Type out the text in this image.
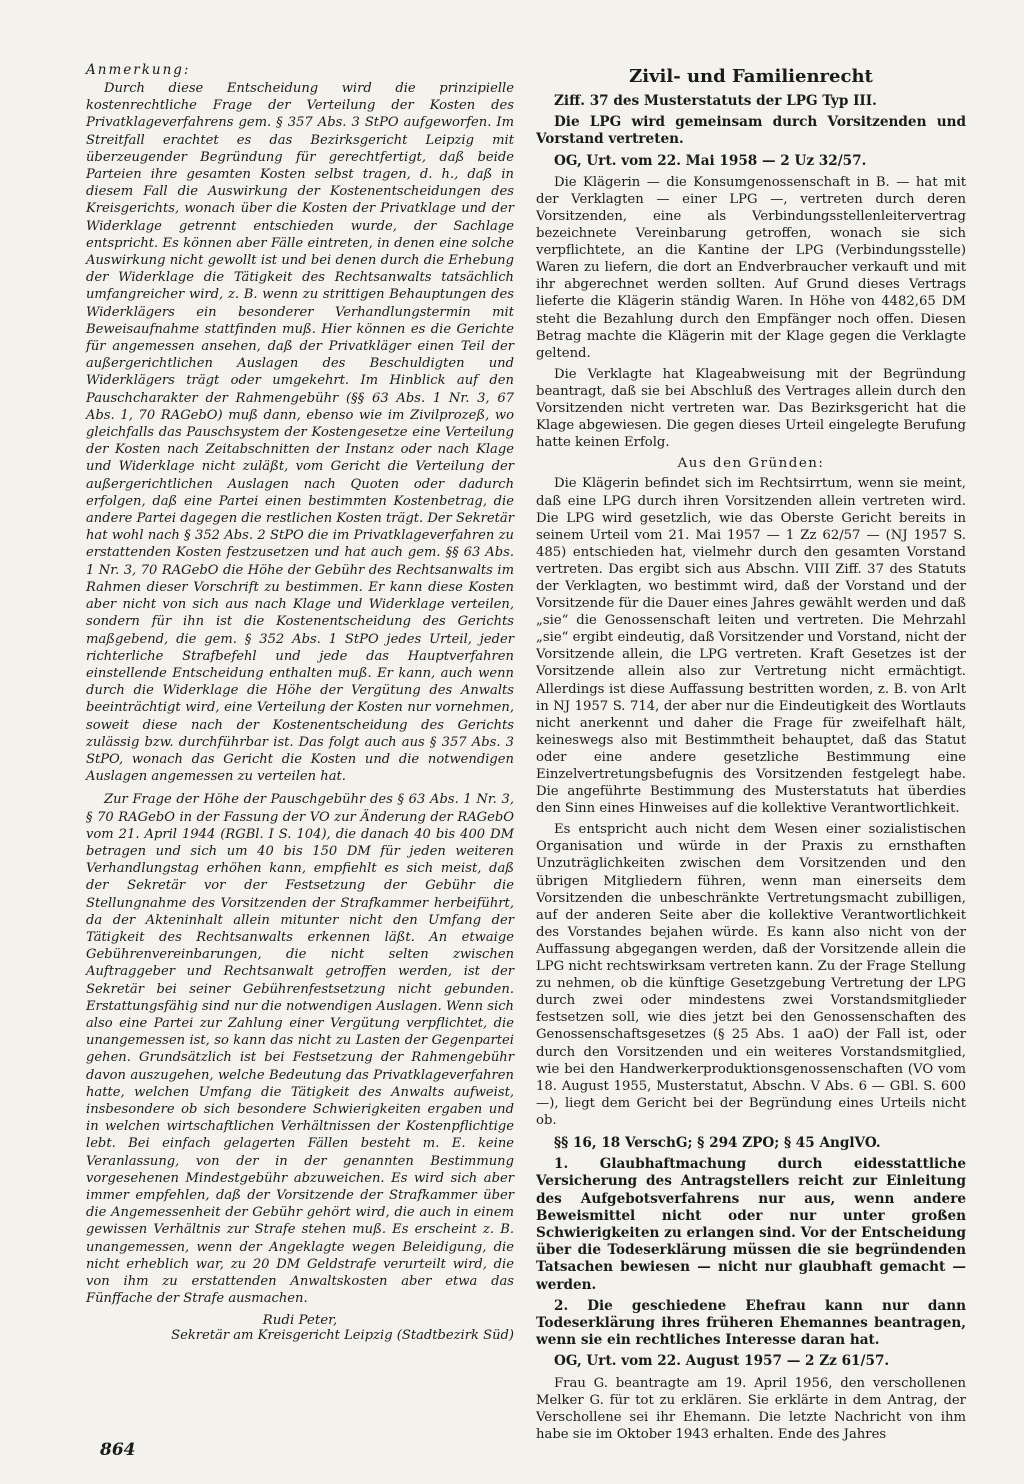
Anmerkung:

Durch diese Entscheidung wird die prinzipielle kostenrechtliche Frage der Verteilung der Kosten des Privatklageverfahrens gem. § 357 Abs. 3 StPO aufgeworfen. Im Streitfall erachtet es das Bezirksgericht Leipzig mit überzeugender Begründung für gerechtfertigt, daß beide Parteien ihre gesamten Kosten selbst tragen, d. h., daß in diesem Fall die Auswirkung der Kostenentscheidungen des Kreisgerichts, wonach über die Kosten der Privatklage und der Widerklage getrennt entschieden wurde, der Sachlage entspricht. Es können aber Fälle eintreten, in denen eine solche Auswirkung nicht gewollt ist und bei denen durch die Erhebung der Widerklage die Tätigkeit des Rechtsanwalts tatsächlich umfangreicher wird, z. B. wenn zu strittigen Behauptungen des Widerklägers ein besonderer Verhandlungstermin mit Beweisaufnahme stattfinden muß. Hier können es die Gerichte für angemessen ansehen, daß der Privatkläger einen Teil der außergerichtlichen Auslagen des Beschuldigten und Widerklägers trägt oder umgekehrt. Im Hinblick auf den Pauschcharakter der Rahmengebühr (§§ 63 Abs. 1 Nr. 3, 67 Abs. 1, 70 RAGebO) muß dann, ebenso wie im Zivilprozeß, wo gleichfalls das Pauschsystem der Kostengesetze eine Verteilung der Kosten nach Zeitabschnitten der Instanz oder nach Klage und Widerklage nicht zuläßt, vom Gericht die Verteilung der außergerichtlichen Auslagen nach Quoten oder dadurch erfolgen, daß eine Partei einen bestimmten Kostenbetrag, die andere Partei dagegen die restlichen Kosten trägt. Der Sekretär hat wohl nach § 352 Abs. 2 StPO die im Privatklageverfahren zu erstattenden Kosten festzusetzen und hat auch gem. §§ 63 Abs. 1 Nr. 3, 70 RAGebO die Höhe der Gebühr des Rechtsanwalts im Rahmen dieser Vorschrift zu bestimmen. Er kann diese Kosten aber nicht von sich aus nach Klage und Widerklage verteilen, sondern für ihn ist die Kostenentscheidung des Gerichts maßgebend, die gem. § 352 Abs. 1 StPO jedes Urteil, jeder richterliche Strafbefehl und jede das Hauptverfahren einstellende Entscheidung enthalten muß. Er kann, auch wenn durch die Widerklage die Höhe der Vergütung des Anwalts beeinträchtigt wird, eine Verteilung der Kosten nur vornehmen, soweit diese nach der Kostenentscheidung des Gerichts zulässig bzw. durchführbar ist. Das folgt auch aus § 357 Abs. 3 StPO, wonach das Gericht die Kosten und die notwendigen Auslagen angemessen zu verteilen hat.

Zur Frage der Höhe der Pauschgebühr des § 63 Abs. 1 Nr. 3, § 70 RAGebO in der Fassung der VO zur Änderung der RAGebO vom 21. April 1944 (RGBl. I S. 104), die danach 40 bis 400 DM betragen und sich um 40 bis 150 DM für jeden weiteren Verhandlungstag erhöhen kann, empfiehlt es sich meist, daß der Sekretär vor der Festsetzung der Gebühr die Stellungnahme des Vorsitzenden der Strafkammer herbeiführt, da der Akteninhalt allein mitunter nicht den Umfang der Tätigkeit des Rechtsanwalts erkennen läßt. An etwaige Gebührenvereinbarungen, die nicht selten zwischen Auftraggeber und Rechtsanwalt getroffen werden, ist der Sekretär bei seiner Gebührenfestsetzung nicht gebunden. Erstattungsfähig sind nur die notwendigen Auslagen. Wenn sich also eine Partei zur Zahlung einer Vergütung verpflichtet, die unangemessen ist, so kann das nicht zu Lasten der Gegenpartei gehen. Grundsätzlich ist bei Festsetzung der Rahmengebühr davon auszugehen, welche Bedeutung das Privatklageverfahren hatte, welchen Umfang die Tätigkeit des Anwalts aufweist, insbesondere ob sich besondere Schwierigkeiten ergaben und in welchen wirtschaftlichen Verhältnissen der Kostenpflichtige lebt. Bei einfach gelagerten Fällen besteht m. E. keine Veranlassung, von der in der genannten Bestimmung vorgesehenen Mindestgebühr abzuweichen. Es wird sich aber immer empfehlen, daß der Vorsitzende der Strafkammer über die Angemessenheit der Gebühr gehört wird, die auch in einem gewissen Verhältnis zur Strafe stehen muß. Es erscheint z. B. unangemessen, wenn der Angeklagte wegen Beleidigung, die nicht erheblich war, zu 20 DM Geldstrafe verurteilt wird, die von ihm zu erstattenden Anwaltskosten aber etwa das Fünffache der Strafe ausmachen.

Rudi Peter,
Sekretär am Kreisgericht Leipzig (Stadtbezirk Süd)
Zivil- und Familienrecht

Ziff. 37 des Musterstatuts der LPG Typ III.

Die LPG wird gemeinsam durch Vorsitzenden und Vorstand vertreten.

OG, Urt. vom 22. Mai 1958 — 2 Uz 32/57.

Die Klägerin — die Konsumgenossenschaft in B. — hat mit der Verklagten — einer LPG —, vertreten durch deren Vorsitzenden, eine als Verbindungsstellenleitervertrag bezeichnete Vereinbarung getroffen, wonach sie sich verpflichtete, an die Kantine der LPG (Verbindungsstelle) Waren zu liefern, die dort an Endverbraucher verkauft und mit ihr abgerechnet werden sollten. Auf Grund dieses Vertrags lieferte die Klägerin ständig Waren. In Höhe von 4482,65 DM steht die Bezahlung durch den Empfänger noch offen. Diesen Betrag machte die Klägerin mit der Klage gegen die Verklagte geltend.

Die Verklagte hat Klageabweisung mit der Begründung beantragt, daß sie bei Abschluß des Vertrages allein durch den Vorsitzenden nicht vertreten war. Das Bezirksgericht hat die Klage abgewiesen. Die gegen dieses Urteil eingelegte Berufung hatte keinen Erfolg.

Aus den Gründen:

Die Klägerin befindet sich im Rechtsirrtum, wenn sie meint, daß eine LPG durch ihren Vorsitzenden allein vertreten wird. Die LPG wird gesetzlich, wie das Oberste Gericht bereits in seinem Urteil vom 21. Mai 1957 — 1 Zz 62/57 — (NJ 1957 S. 485) entschieden hat, vielmehr durch den gesamten Vorstand vertreten. Das ergibt sich aus Abschn. VIII Ziff. 37 des Statuts der Verklagten, wo bestimmt wird, daß der Vorstand und der Vorsitzende für die Dauer eines Jahres gewählt werden und daß „sie“ die Genossenschaft leiten und vertreten. Die Mehrzahl „sie“ ergibt eindeutig, daß Vorsitzender und Vorstand, nicht der Vorsitzende allein, die LPG vertreten. Kraft Gesetzes ist der Vorsitzende allein also zur Vertretung nicht ermächtigt. Allerdings ist diese Auffassung bestritten worden, z. B. von Arlt in NJ 1957 S. 714, der aber nur die Eindeutigkeit des Wortlauts nicht anerkennt und daher die Frage für zweifelhaft hält, keineswegs also mit Bestimmtheit behauptet, daß das Statut oder eine andere gesetzliche Bestimmung eine Einzelvertretungsbefugnis des Vorsitzenden festgelegt habe. Die angeführte Bestimmung des Musterstatuts hat überdies den Sinn eines Hinweises auf die kollektive Verantwortlichkeit.

Es entspricht auch nicht dem Wesen einer sozialistischen Organisation und würde in der Praxis zu ernsthaften Unzuträglichkeiten zwischen dem Vorsitzenden und den übrigen Mitgliedern führen, wenn man einerseits dem Vorsitzenden die unbeschränkte Vertretungsmacht zubilligen, auf der anderen Seite aber die kollektive Verantwortlichkeit des Vorstandes bejahen würde. Es kann also nicht von der Auffassung abgegangen werden, daß der Vorsitzende allein die LPG nicht rechtswirksam vertreten kann. Zu der Frage Stellung zu nehmen, ob die künftige Gesetzgebung Vertretung der LPG durch zwei oder mindestens zwei Vorstandsmitglieder festsetzen soll, wie dies jetzt bei den Genossenschaften des Genossenschaftsgesetzes (§ 25 Abs. 1 aaO) der Fall ist, oder durch den Vorsitzenden und ein weiteres Vorstandsmitglied, wie bei den Handwerkerproduktionsgenossenschaften (VO vom 18. August 1955, Musterstatut, Abschn. V Abs. 6 — GBl. S. 600 —), liegt dem Gericht bei der Begründung eines Urteils nicht ob.

§§ 16, 18 VerschG; § 294 ZPO; § 45 AnglVO.

1. Glaubhaftmachung durch eidesstattliche Versicherung des Antragstellers reicht zur Einleitung des Aufgebotsverfahrens nur aus, wenn andere Beweismittel nicht oder nur unter großen Schwierigkeiten zu erlangen sind. Vor der Entscheidung über die Todeserklärung müssen die sie begründenden Tatsachen bewiesen — nicht nur glaubhaft gemacht — werden.

2. Die geschiedene Ehefrau kann nur dann Todeserklärung ihres früheren Ehemannes beantragen, wenn sie ein rechtliches Interesse daran hat.

OG, Urt. vom 22. August 1957 — 2 Zz 61/57.

Frau G. beantragte am 19. April 1956, den verschollenen Melker G. für tot zu erklären. Sie erklärte in dem Antrag, der Verschollene sei ihr Ehemann. Die letzte Nachricht von ihm habe sie im Oktober 1943 erhalten. Ende des Jahres

864
